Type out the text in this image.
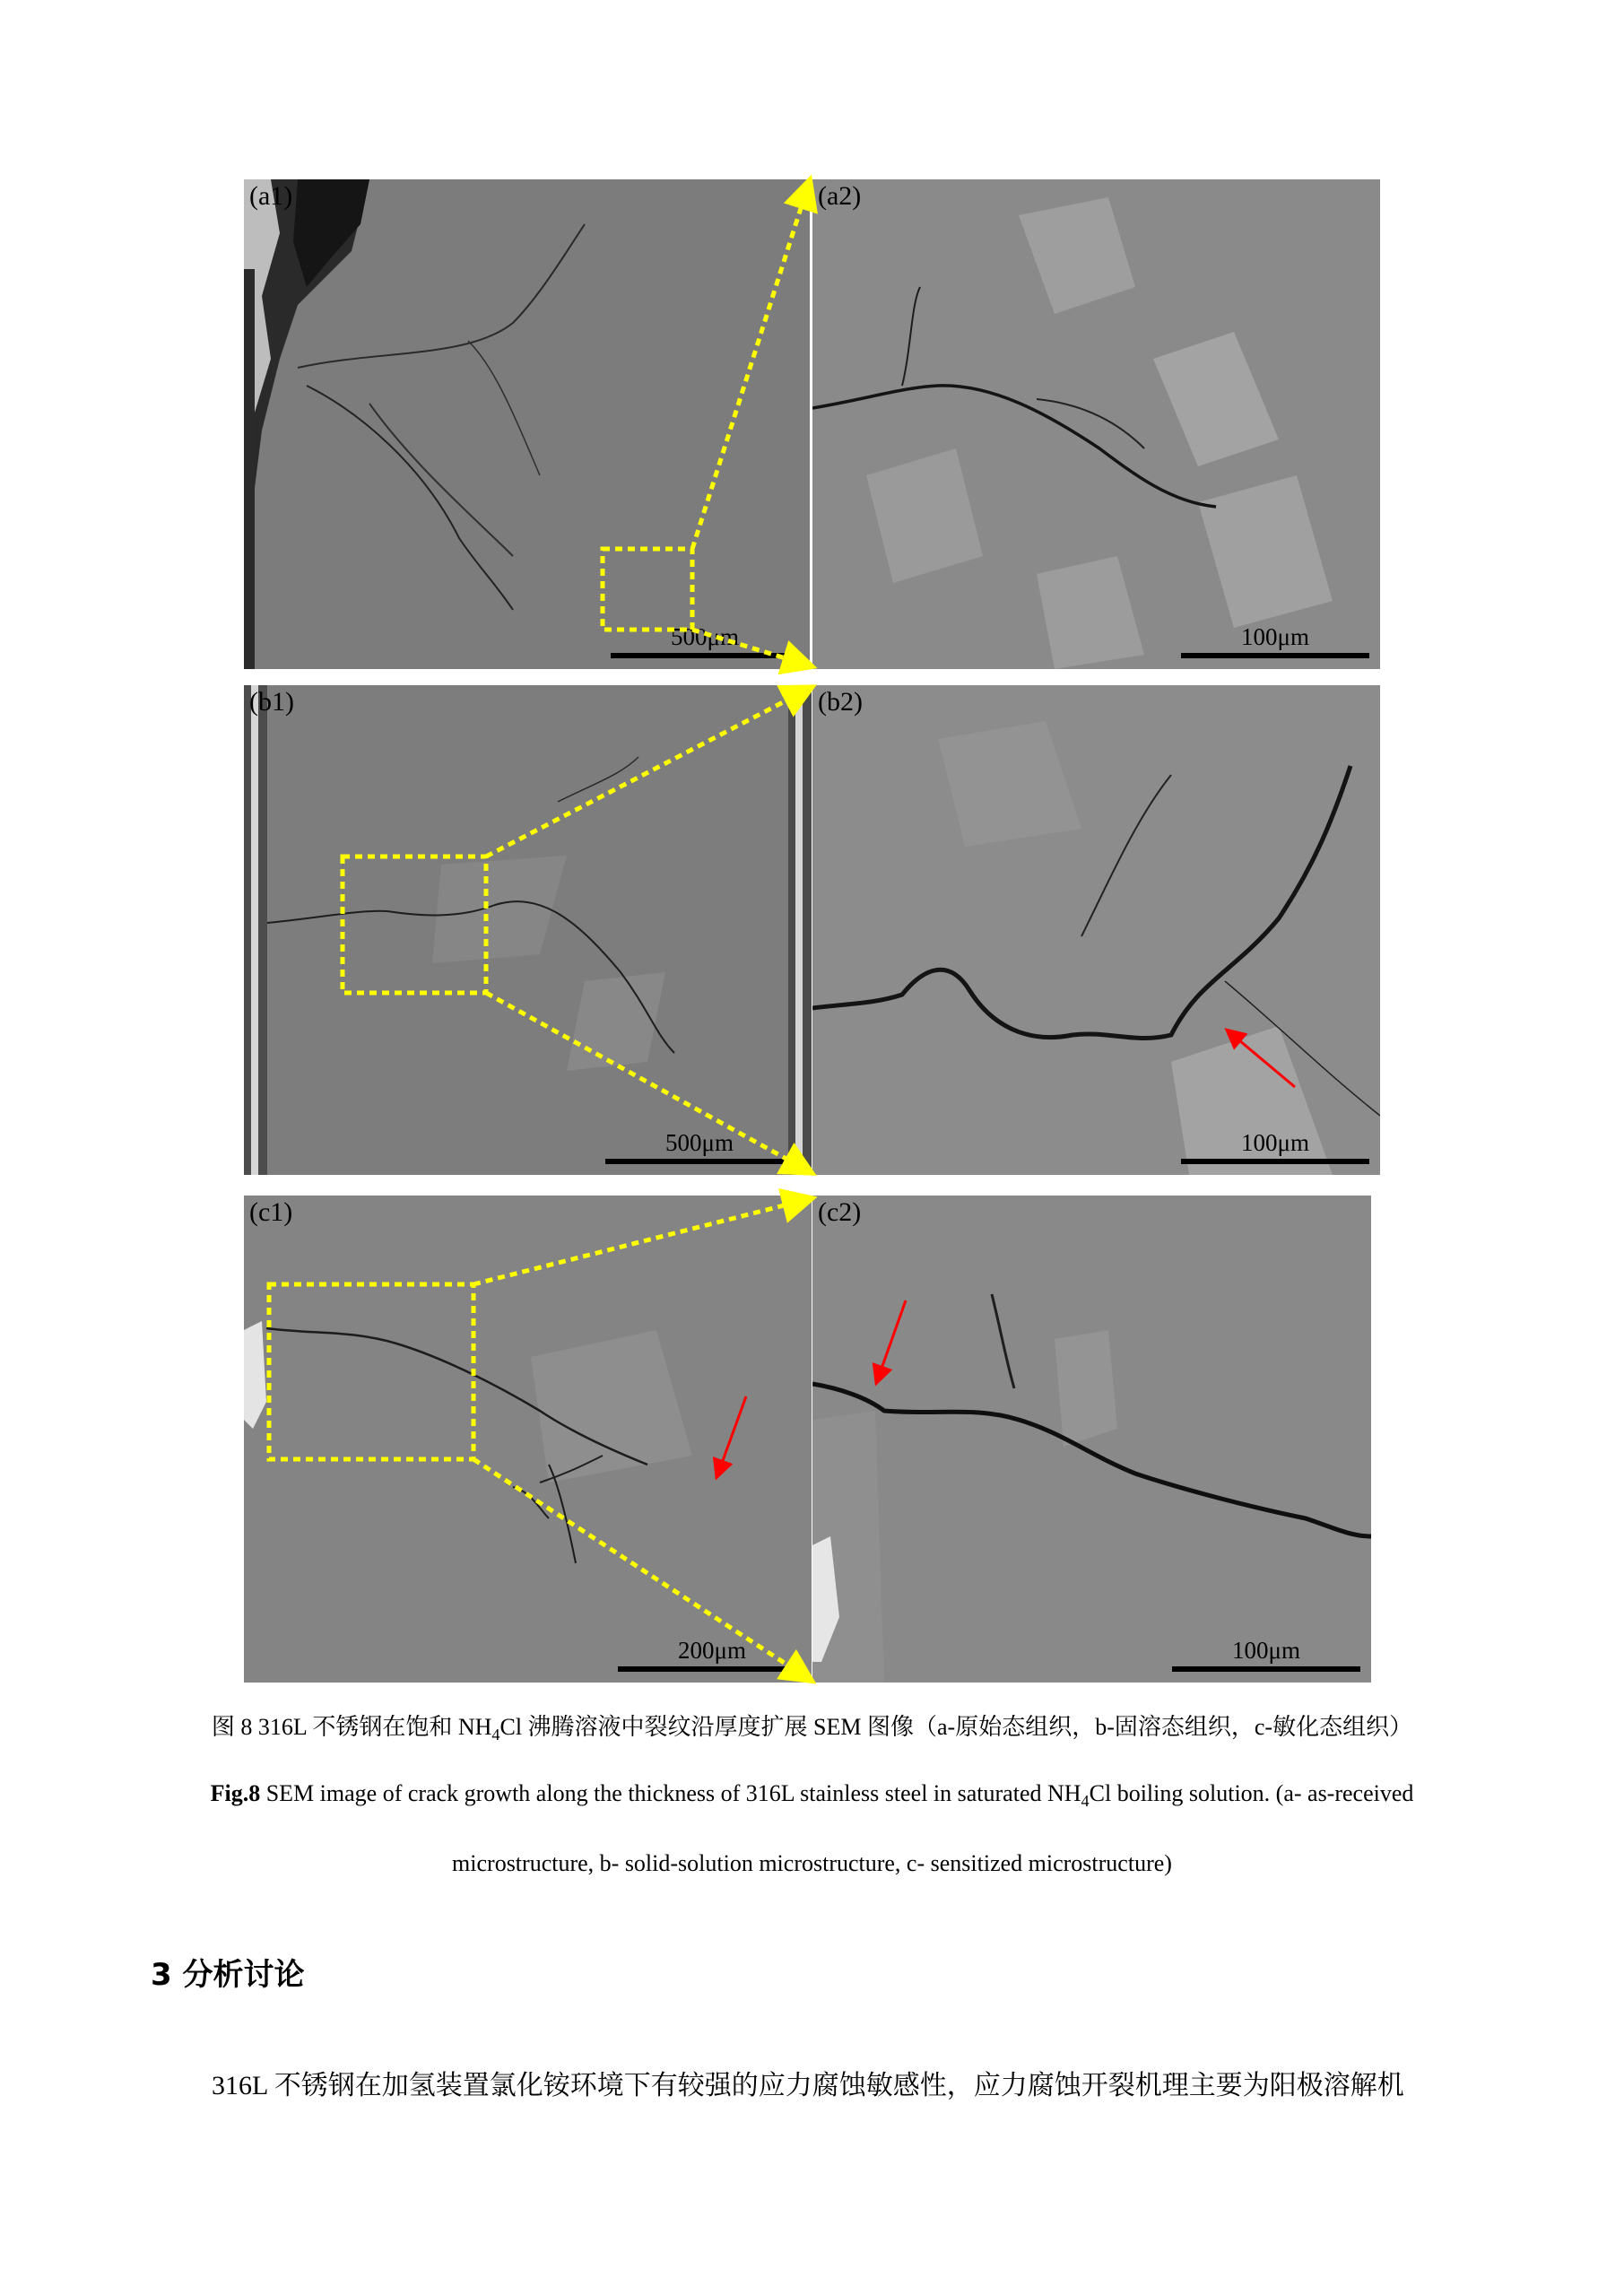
(a1)
500μm
(a2)
100μm
(b1)
500μm
(b2)
100μm
(c1)
200μm
(c2)
100μm
图 8 316L 不锈钢在饱和 $NH_4Cl$ 沸腾溶液中裂纹沿厚度扩展 SEM 图像（a-原始态组织，b-固溶态组织，c-敏化态组织）
Fig.8 SEM image of crack growth along the thickness of 316L stainless steel in saturated $NH_4Cl$ boiling solution. (a- as-received
microstructure, b- solid-solution microstructure, c- sensitized microstructure)
3 分析讨论
316L 不锈钢在加氢装置氯化铵环境下有较强的应力腐蚀敏感性，应力腐蚀开裂机理主要为阳极溶解机
